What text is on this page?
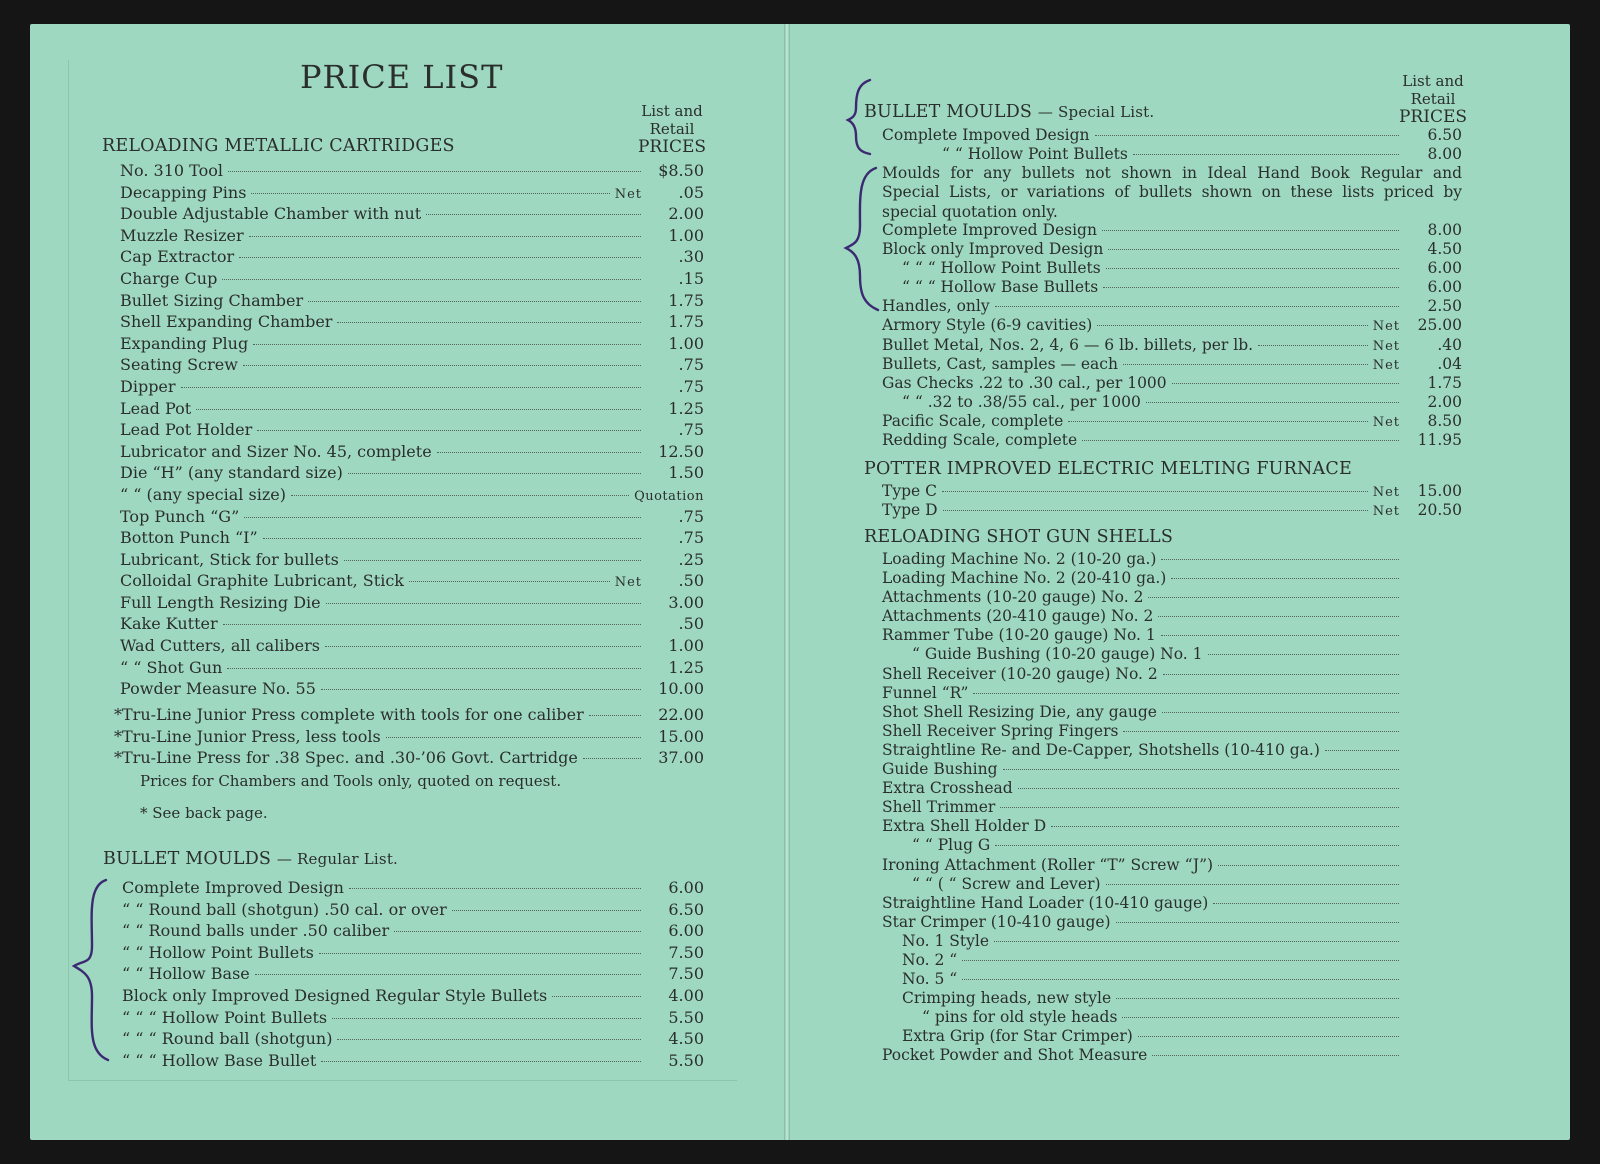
PRICE LIST
List and
Retail
PRICES
RELOADING METALLIC CARTRIDGES
No. 310 Tool	$8.50
Decapping Pins	Net	.05
Double Adjustable Chamber with nut	2.00
Muzzle Resizer	1.00
Cap Extractor	.30
Charge Cup	.15
Bullet Sizing Chamber	1.75
Shell Expanding Chamber	1.75
Expanding Plug	1.00
Seating Screw	.75
Dipper	.75
Lead Pot	1.25
Lead Pot Holder	.75
Lubricator and Sizer No. 45, complete	12.50
Die “H” (any standard size)	1.50
“ “ (any special size)	Quotation
Top Punch “G”	.75
Botton Punch “I”	.75
Lubricant, Stick for bullets	.25
Colloidal Graphite Lubricant, Stick	Net	.50
Full Length Resizing Die	3.00
Kake Kutter	.50
Wad Cutters, all calibers	1.00
“ “ Shot Gun	1.25
Powder Measure No. 55	10.00
*Tru-Line Junior Press complete with tools for one caliber	22.00
*Tru-Line Junior Press, less tools	15.00
*Tru-Line Press for .38 Spec. and .30-’06 Govt. Cartridge	37.00
Prices for Chambers and Tools only, quoted on request.
* See back page.
BULLET MOULDS — Regular List.
Complete Improved Design	6.00
“ “ Round ball (shotgun) .50 cal. or over	6.50
“ “ Round balls under .50 caliber	6.00
“ “ Hollow Point Bullets	7.50
“ “ Hollow Base	7.50
Block only Improved Designed Regular Style Bullets	4.00
“ “ “ Hollow Point Bullets	5.50
“ “ “ Round ball (shotgun)	4.50
“ “ “ Hollow Base Bullet	5.50
List and
Retail
PRICES
BULLET MOULDS — Special List.
Complete Impoved Design	6.50
“ “ Hollow Point Bullets	8.00
Moulds for any bullets not shown in Ideal Hand Book Regular and Special Lists, or variations of bullets shown on these lists priced by special quotation only.
Complete Improved Design	8.00
Block only Improved Design	4.50
“ “ “ Hollow Point Bullets	6.00
“ “ “ Hollow Base Bullets	6.00
Handles, only	2.50
Armory Style (6-9 cavities)	Net	25.00
Bullet Metal, Nos. 2, 4, 6 — 6 lb. billets, per lb.	Net	.40
Bullets, Cast, samples — each	Net	.04
Gas Checks .22 to .30 cal., per 1000	1.75
“ “ .32 to .38/55 cal., per 1000	2.00
Pacific Scale, complete	Net	8.50
Redding Scale, complete	11.95
POTTER IMPROVED ELECTRIC MELTING FURNACE
Type C	Net	15.00
Type D	Net	20.50
RELOADING SHOT GUN SHELLS
Loading Machine No. 2 (10-20 ga.)
Loading Machine No. 2 (20-410 ga.)
Attachments (10-20 gauge) No. 2
Attachments (20-410 gauge) No. 2
Rammer Tube (10-20 gauge) No. 1
“ Guide Bushing (10-20 gauge) No. 1
Shell Receiver (10-20 gauge) No. 2
Funnel “R”
Shot Shell Resizing Die, any gauge
Shell Receiver Spring Fingers
Straightline Re- and De-Capper, Shotshells (10-410 ga.)
Guide Bushing
Extra Crosshead
Shell Trimmer
Extra Shell Holder D
“ “ Plug G
Ironing Attachment (Roller “T” Screw “J”)
“ “ ( “ Screw and Lever)
Straightline Hand Loader (10-410 gauge)
Star Crimper (10-410 gauge)
No. 1 Style
No. 2 “
No. 5 “
Crimping heads, new style
“ pins for old style heads
Extra Grip (for Star Crimper)
Pocket Powder and Shot Measure
